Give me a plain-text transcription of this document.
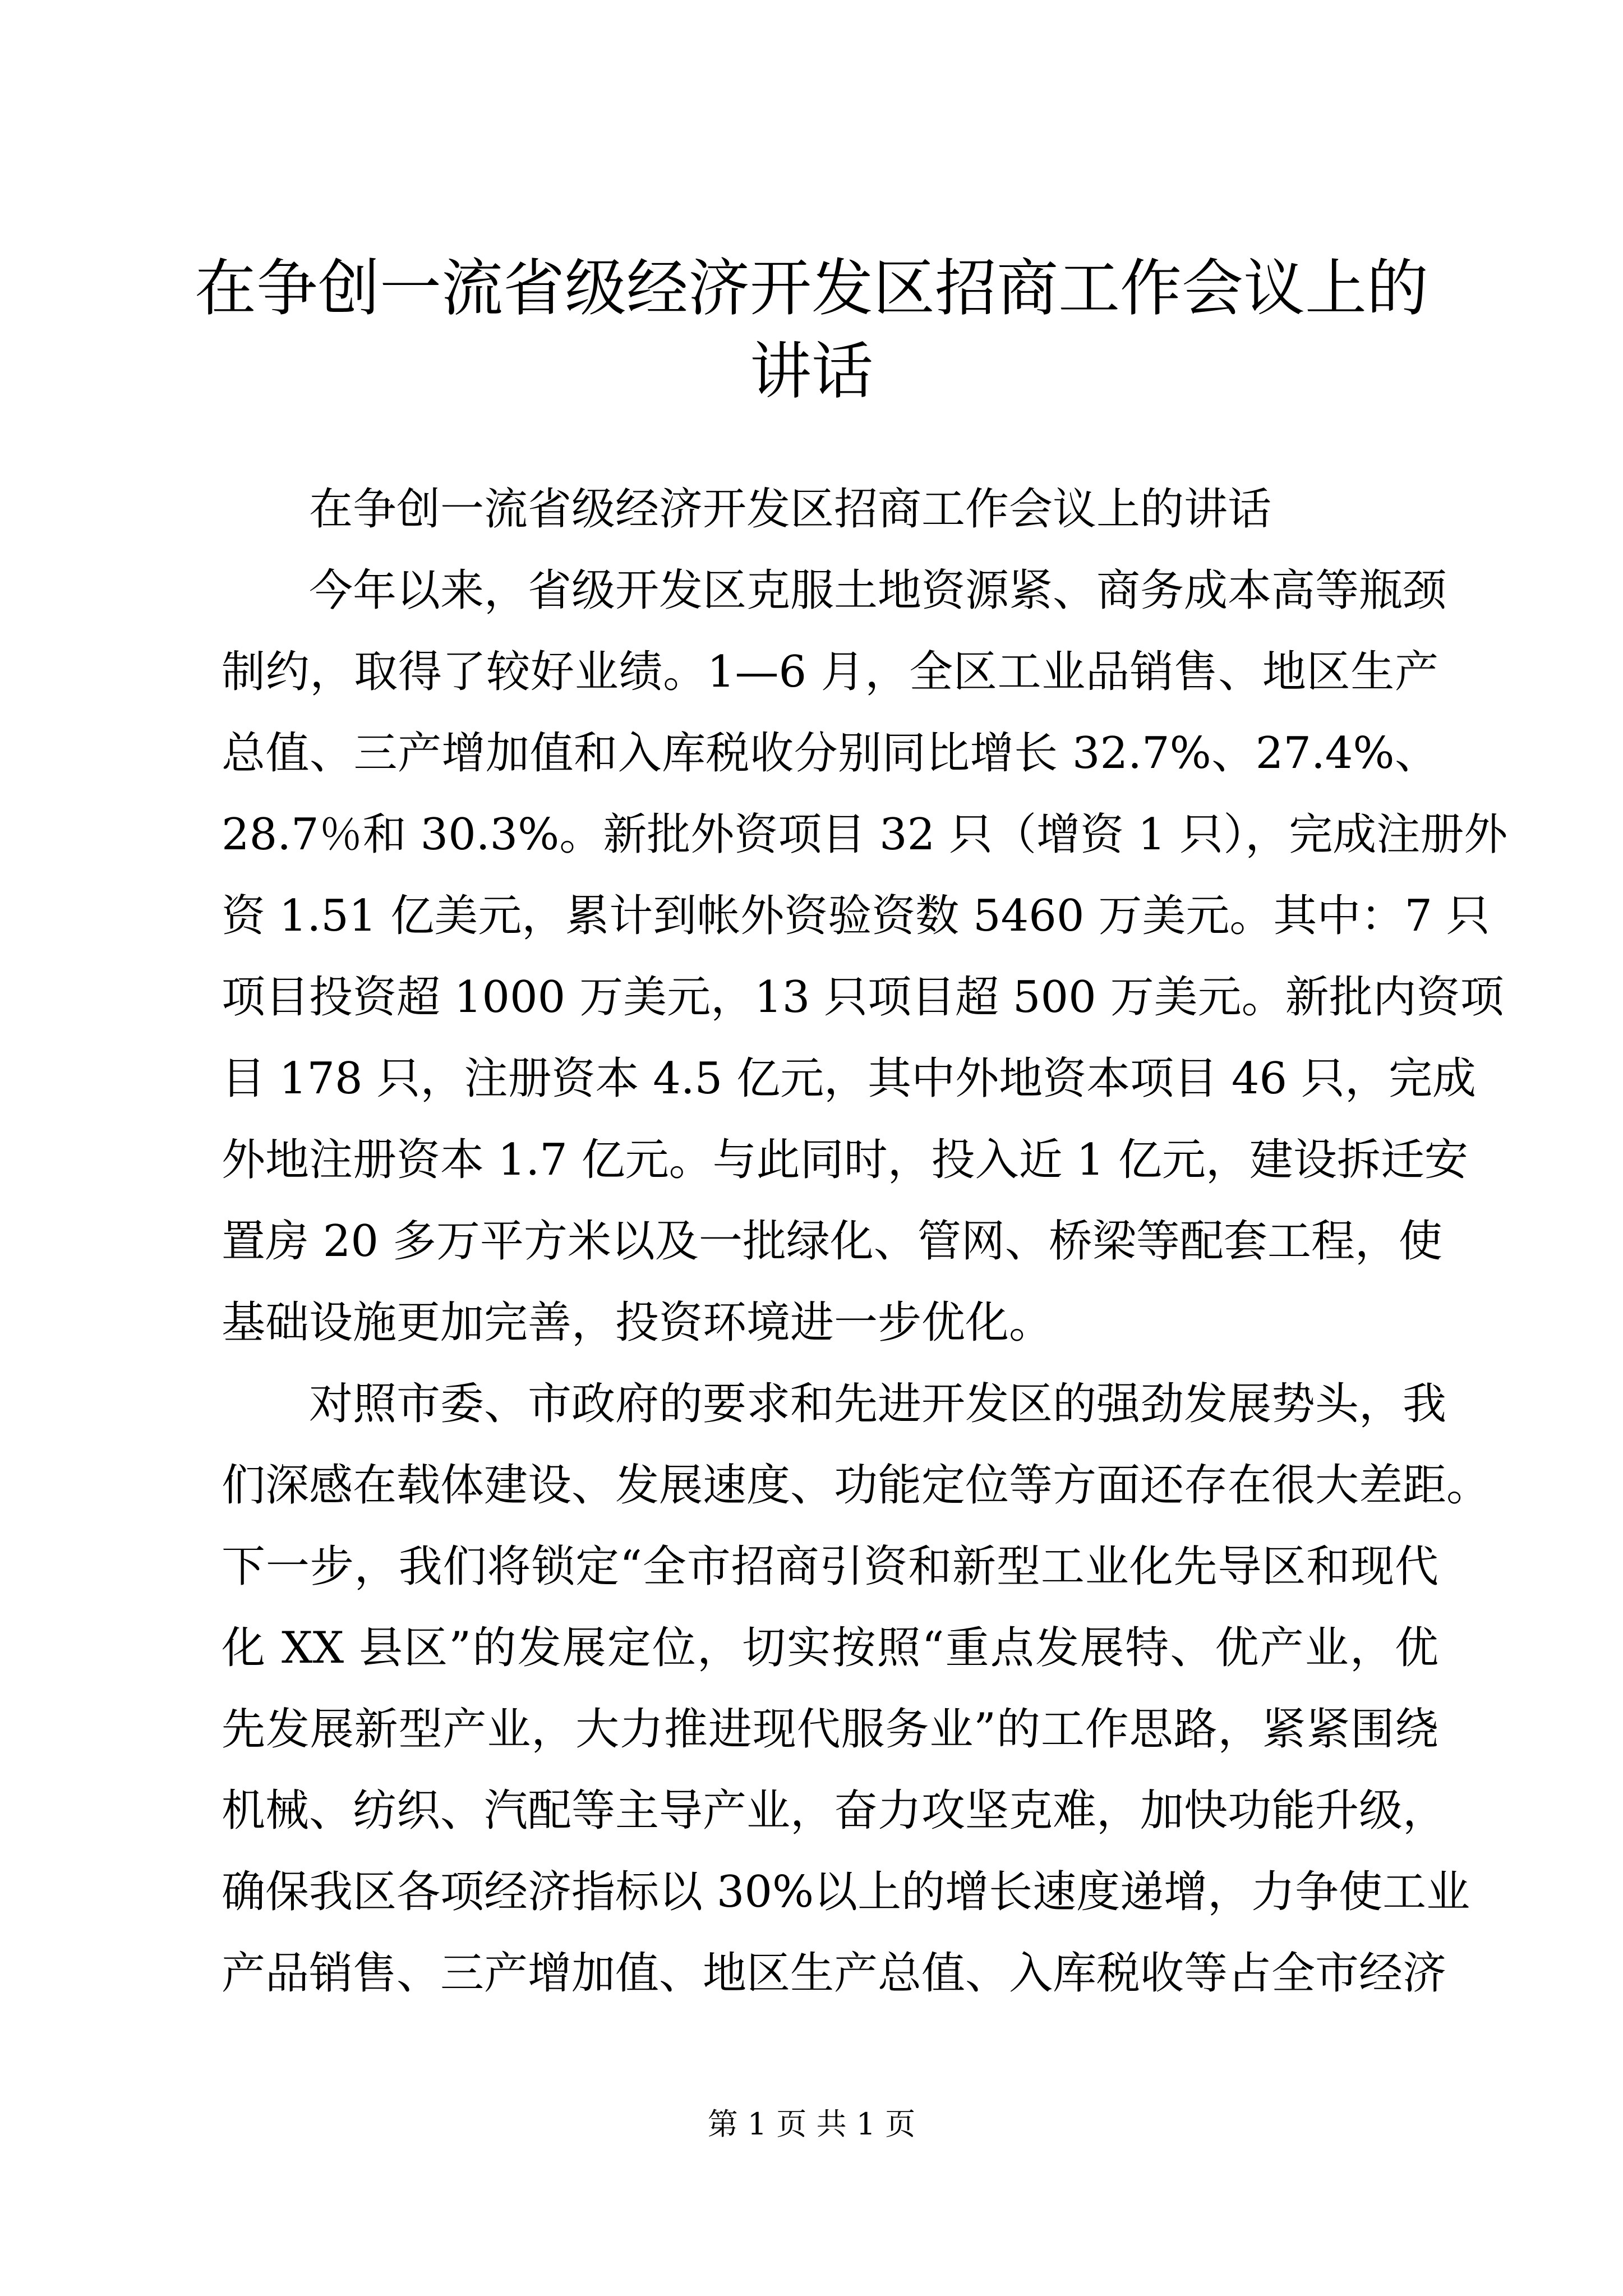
在争创一流省级经济开发区招商工作会议上的
讲话
在争创一流省级经济开发区招商工作会议上的讲话
今年以来，省级开发区克服土地资源紧、商务成本高等瓶颈
制约，取得了较好业绩。1—6 月，全区工业品销售、地区生产
总值、三产增加值和入库税收分别同比增长 32.7%、27.4%、
28.7％和 30.3%。新批外资项目 32 只（增资 1 只），完成注册外
资 1.51 亿美元，累计到帐外资验资数 5460 万美元。其中：7 只
项目投资超 1000 万美元，13 只项目超 500 万美元。新批内资项
目 178 只，注册资本 4.5 亿元，其中外地资本项目 46 只，完成
外地注册资本 1.7 亿元。与此同时，投入近 1 亿元，建设拆迁安
置房 20 多万平方米以及一批绿化、管网、桥梁等配套工程，使
基础设施更加完善，投资环境进一步优化。
对照市委、市政府的要求和先进开发区的强劲发展势头，我
们深感在载体建设、发展速度、功能定位等方面还存在很大差距。
下一步，我们将锁定“全市招商引资和新型工业化先导区和现代
化 XX 县区”的发展定位，切实按照“重点发展特、优产业，优
先发展新型产业，大力推进现代服务业”的工作思路，紧紧围绕
机械、纺织、汽配等主导产业，奋力攻坚克难，加快功能升级，
确保我区各项经济指标以 30%以上的增长速度递增，力争使工业
产品销售、三产增加值、地区生产总值、入库税收等占全市经济
第 1 页 共 1 页
